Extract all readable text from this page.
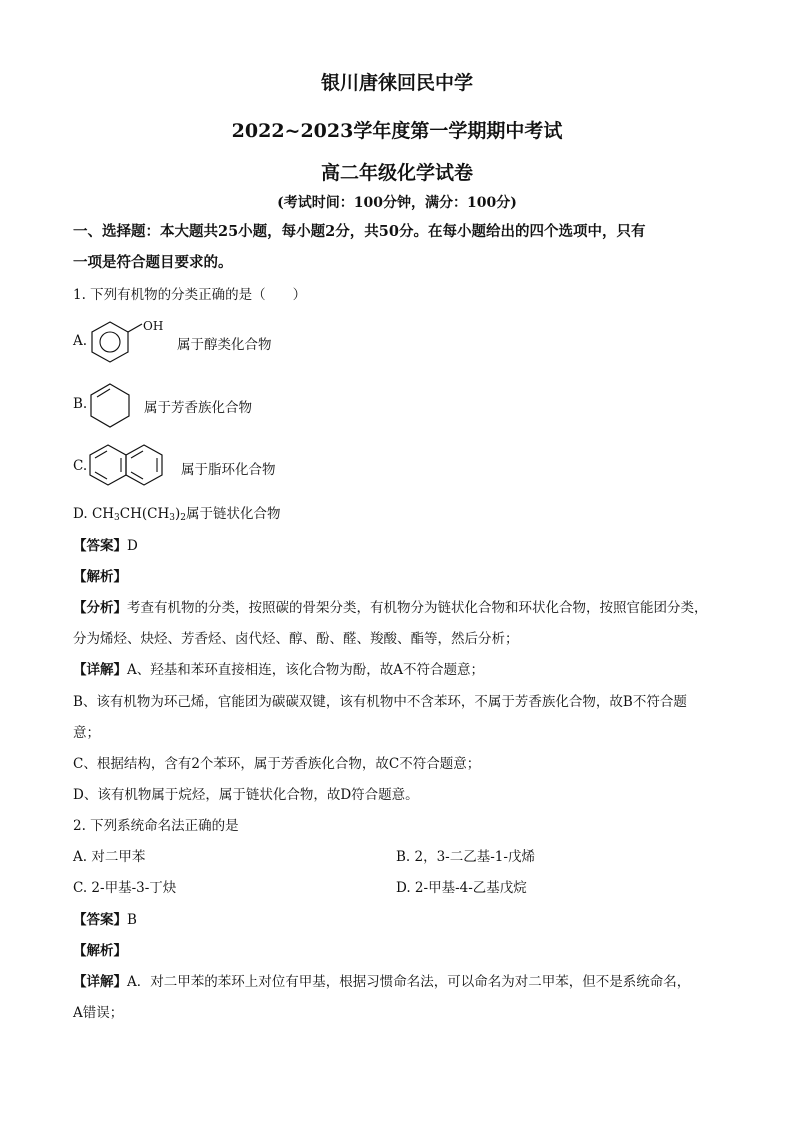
银川唐徕回民中学
2022~2023学年度第一学期期中考试
高二年级化学试卷
(考试时间：100分钟，满分：100分)
一、选择题：本大题共25小题，每小题2分，共50分。在每小题给出的四个选项中，只有
一项是符合题目要求的。
1. 下列有机物的分类正确的是（　　）
A.
OH
属于醇类化合物
B.	属于芳香族化合物
C.	属于脂环化合物
D. $CH_3CH(CH_3)_2$属于链状化合物
【答案】D
【解析】
【分析】考查有机物的分类，按照碳的骨架分类，有机物分为链状化合物和环状化合物，按照官能团分类，
分为烯烃、炔烃、芳香烃、卤代烃、醇、酚、醛、羧酸、酯等，然后分析；
【详解】A、羟基和苯环直接相连，该化合物为酚，故A不符合题意；
B、该有机物为环己烯，官能团为碳碳双键，该有机物中不含苯环，不属于芳香族化合物，故B不符合题
意；
C、根据结构，含有2个苯环，属于芳香族化合物，故C不符合题意；
D、该有机物属于烷烃，属于链状化合物，故D符合题意。
2. 下列系统命名法正确的是
A. 对二甲苯	B. 2，3-二乙基-1-戊烯
C. 2-甲基-3-丁炔	D. 2-甲基-4-乙基戊烷
【答案】B
【解析】
【详解】A．对二甲苯的苯环上对位有甲基，根据习惯命名法，可以命名为对二甲苯，但不是系统命名，
A错误；
